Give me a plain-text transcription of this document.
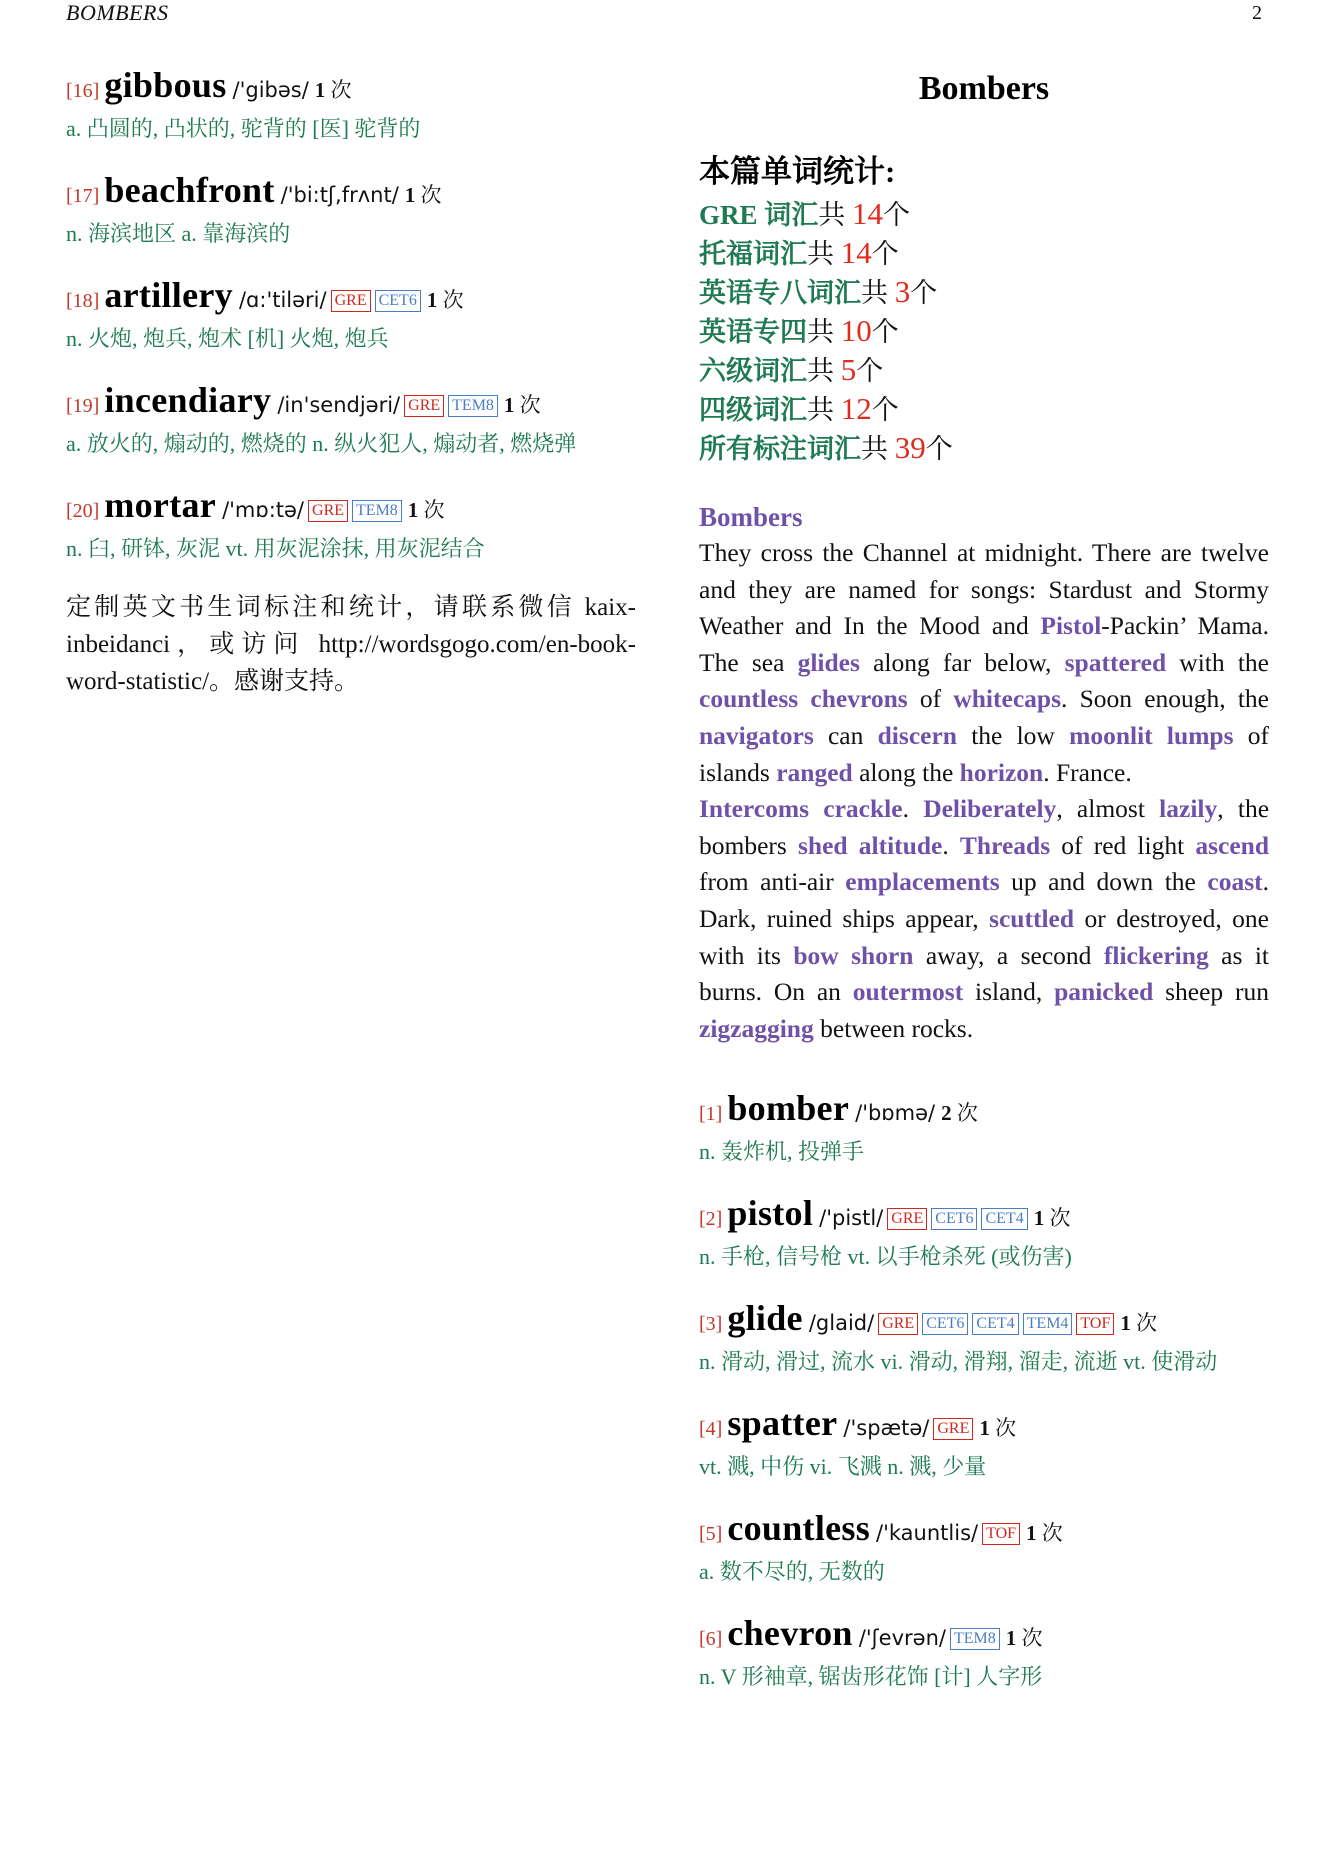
BOMBERS	2
[16] gibbous /'gibəs/ 1 次
a. 凸圆的, 凸状的, 驼背的 [医] 驼背的
[17] beachfront /'bi:tʃ,frʌnt/ 1 次
n. 海滨地区 a. 靠海滨的
[18] artillery /ɑ:'tiləri/ GRE CET6 1 次
n. 火炮, 炮兵, 炮术 [机] 火炮, 炮兵
[19] incendiary /in'sendjəri/ GRE TEM8 1 次
a. 放火的, 煽动的, 燃烧的 n. 纵火犯人, 煽动者, 燃烧弹
[20] mortar /'mɒ:tə/ GRE TEM8 1 次
n. 臼, 研钵, 灰泥 vt. 用灰泥涂抹, 用灰泥结合
定制英文书生词标注和统计，请联系微信 kaix-inbeidanci，或访问 http://wordsgogo.com/en-book-word-statistic/。感谢支持。
Bombers
本篇单词统计:
GRE 词汇共 14个
托福词汇共 14个
英语专八词汇共 3个
英语专四共 10个
六级词汇共 5个
四级词汇共 12个
所有标注词汇共 39个
Bombers

They cross the Channel at midnight. There are twelve and they are named for songs: Stardust and Stormy Weather and In the Mood and Pistol-Packin’ Mama. The sea glides along far below, spattered with the countless chevrons of whitecaps. Soon enough, the navigators can discern the low moonlit lumps of islands ranged along the horizon. France.

Intercoms crackle. Deliberately, almost lazily, the bombers shed altitude. Threads of red light ascend from anti-air emplacements up and down the coast. Dark, ruined ships appear, scuttled or destroyed, one with its bow shorn away, a second flickering as it burns. On an outermost island, panicked sheep run zigzagging between rocks.

[1] bomber /'bɒmə/ 2 次
n. 轰炸机, 投弹手
[2] pistol /'pistl/ GRE CET6 CET4 1 次
n. 手枪, 信号枪 vt. 以手枪杀死 (或伤害)
[3] glide /glaid/ GRE CET6 CET4 TEM4 TOF 1 次
n. 滑动, 滑过, 流水 vi. 滑动, 滑翔, 溜走, 流逝 vt. 使滑动
[4] spatter /'spætə/ GRE 1 次
vt. 溅, 中伤 vi. 飞溅 n. 溅, 少量
[5] countless /'kauntlis/ TOF 1 次
a. 数不尽的, 无数的
[6] chevron /'ʃevrən/ TEM8 1 次
n. V 形袖章, 锯齿形花饰 [计] 人字形
